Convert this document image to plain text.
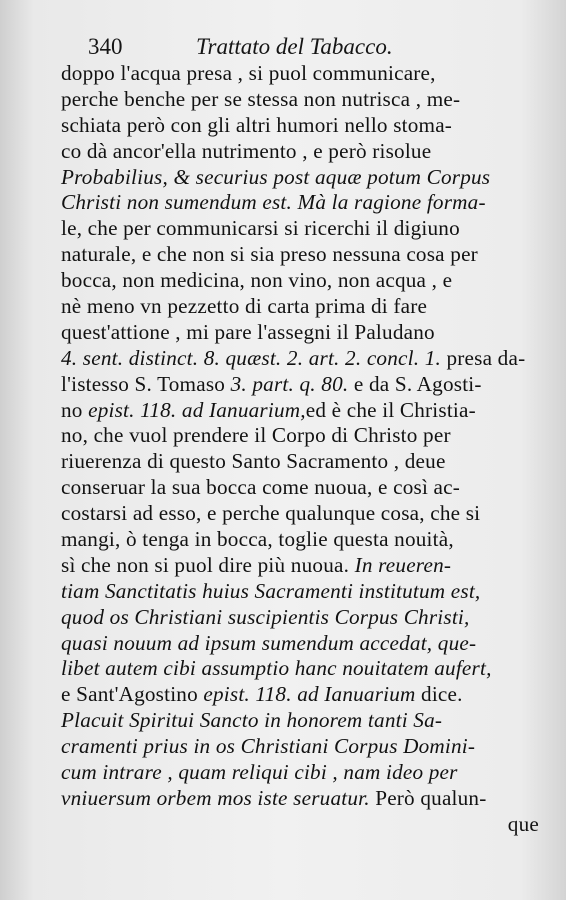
340	Trattato del Tabacco.
doppo l'acqua presa , si puol communicare,
perche benche per se stessa non nutrisca , me-
schiata però con gli altri humori nello stoma-
co dà ancor'ella nutrimento , e però risolue
Probabilius, & securius post aquæ potum Corpus
Christi non sumendum est. Mà la ragione forma-
le, che per communicarsi si ricerchi il digiuno
naturale, e che non si sia preso nessuna cosa per
bocca, non medicina, non vino, non acqua , e
nè meno vn pezzetto di carta prima di fare
quest'attione , mi pare l'assegni il Paludano
4. sent. distinct. 8. quæst. 2. art. 2. concl. 1. presa da-
l'istesso S. Tomaso 3. part. q. 80. e da S. Agosti-
no epist. 118. ad Ianuarium,ed è che il Christia-
no, che vuol prendere il Corpo di Christo per
riuerenza di questo Santo Sacramento , deue
conseruar la sua bocca come nuoua, e così ac-
costarsi ad esso, e perche qualunque cosa, che si
mangi, ò tenga in bocca, toglie questa nouità,
sì che non si puol dire più nuoua. In reueren-
tiam Sanctitatis huius Sacramenti institutum est,
quod os Christiani suscipientis Corpus Christi,
quasi nouum ad ipsum sumendum accedat, que-
libet autem cibi assumptio hanc nouitatem aufert,
e Sant'Agostino epist. 118. ad Ianuarium dice.
Placuit Spiritui Sancto in honorem tanti Sa-
cramenti prius in os Christiani Corpus Domini-
cum intrare , quam reliqui cibi , nam ideo per
vniuersum orbem mos iste seruatur. Però qualun-
que
